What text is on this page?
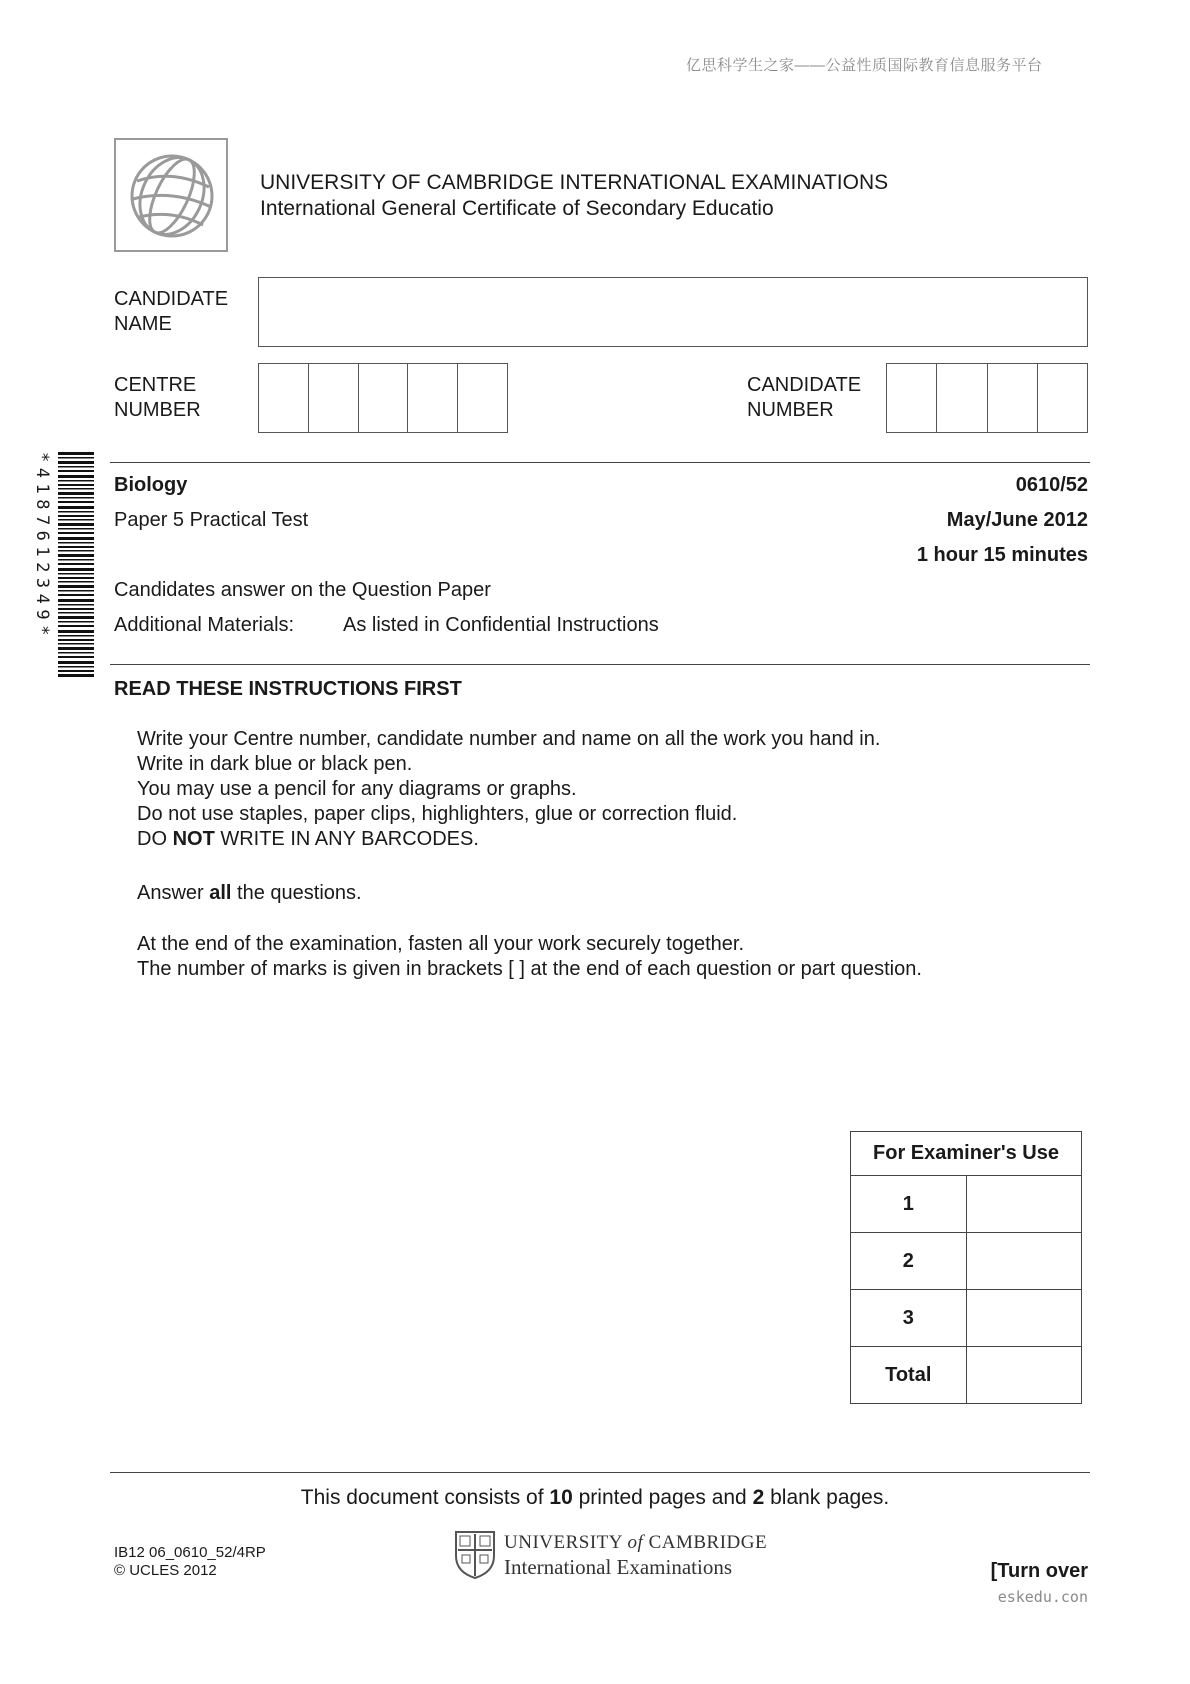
亿思科学生之家——公益性质国际教育信息服务平台
UNIVERSITY OF CAMBRIDGE INTERNATIONAL EXAMINATIONS
International General Certificate of Secondary Educatio
CANDIDATE
NAME
CENTRE
NUMBER
CANDIDATE
NUMBER
*4187612349*	Biology	0610/52
Paper 5 Practical Test	May/June 2012
1 hour 15 minutes
Candidates answer on the Question Paper
Additional Materials: As listed in Confidential Instructions
READ THESE INSTRUCTIONS FIRST

Write your Centre number, candidate number and name on all the work you hand in.

Write in dark blue or black pen.

You may use a pencil for any diagrams or graphs.

Do not use staples, paper clips, highlighters, glue or correction fluid.

DO NOT WRITE IN ANY BARCODES.

Answer all the questions.

At the end of the examination, fasten all your work securely together.

The number of marks is given in brackets [ ] at the end of each question or part question.

For Examiner's Use	
1	
2	
3	
Total	
This document consists of 10 printed pages and 2 blank pages.
IB12 06_0610_52/4RP
© UCLES 2012
UNIVERSITY of CAMBRIDGE
International Examinations	[Turn over
eskedu.con
